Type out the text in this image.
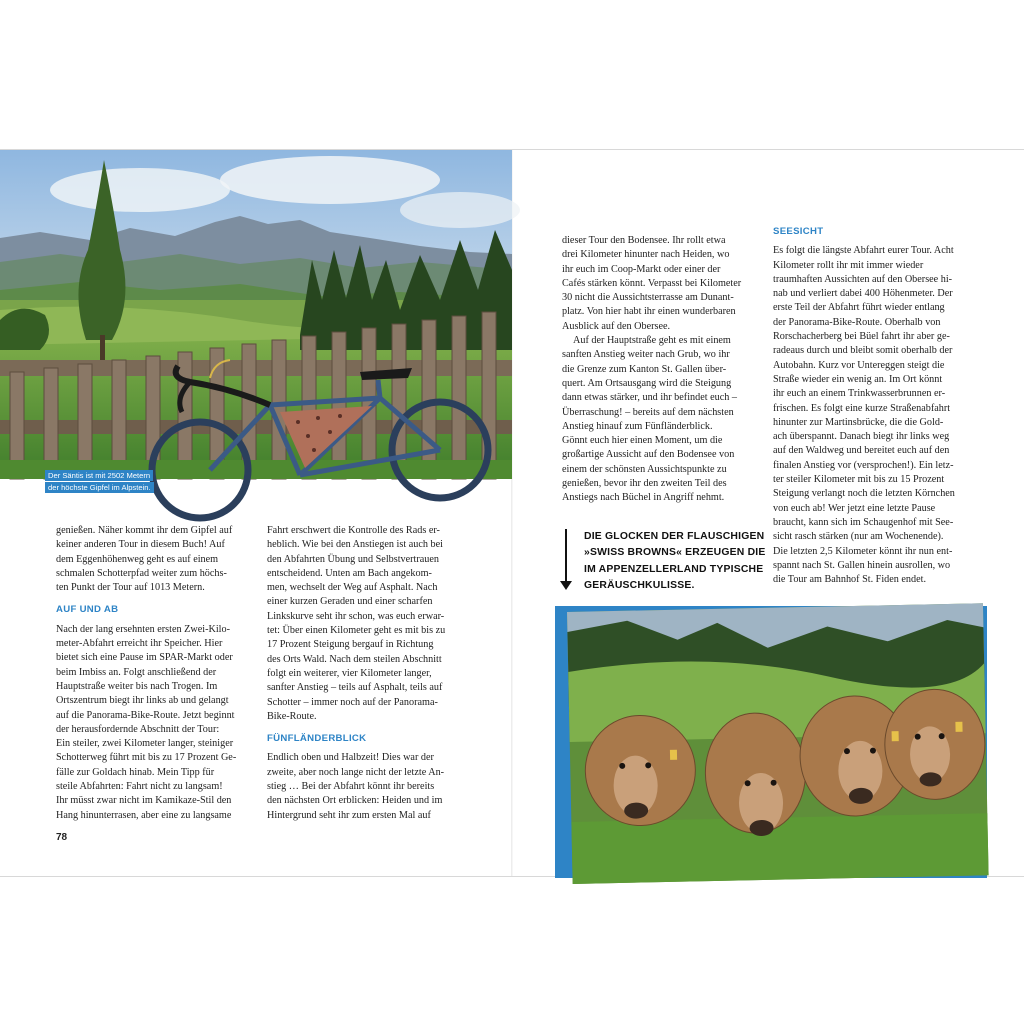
Der Säntis ist mit 2502 Metern
der höchste Gipfel im Alpstein.

genießen. Näher kommt ihr dem Gipfel auf

keiner anderen Tour in diesem Buch! Auf

dem Eggenhöhenweg geht es auf einem

schmalen Schotterpfad weiter zum höchs-

ten Punkt der Tour auf 1013 Metern.

AUF UND AB

Nach der lang ersehnten ersten Zwei-Kilo-

meter-Abfahrt erreicht ihr Speicher. Hier

bietet sich eine Pause im SPAR-Markt oder

beim Imbiss an. Folgt anschließend der

Hauptstraße weiter bis nach Trogen. Im

Ortszentrum biegt ihr links ab und gelangt

auf die Panorama-Bike-Route. Jetzt beginnt

der herausfordernde Abschnitt der Tour:

Ein steiler, zwei Kilometer langer, steiniger

Schotterweg führt mit bis zu 17 Prozent Ge-

fälle zur Goldach hinab. Mein Tipp für

steile Abfahrten: Fahrt nicht zu langsam!

Ihr müsst zwar nicht im Kamikaze-Stil den

Hang hinunterrasen, aber eine zu langsame

78

Fahrt erschwert die Kontrolle des Rads er-

heblich. Wie bei den Anstiegen ist auch bei

den Abfahrten Übung und Selbstvertrauen

entscheidend. Unten am Bach angekom-

men, wechselt der Weg auf Asphalt. Nach

einer kurzen Geraden und einer scharfen

Linkskurve seht ihr schon, was euch erwar-

tet: Über einen Kilometer geht es mit bis zu

17 Prozent Steigung bergauf in Richtung

des Orts Wald. Nach dem steilen Abschnitt

folgt ein weiterer, vier Kilometer langer,

sanfter Anstieg – teils auf Asphalt, teils auf

Schotter – immer noch auf der Panorama-

Bike-Route.

FÜNFLÄNDERBLICK

Endlich oben und Halbzeit! Dies war der

zweite, aber noch lange nicht der letzte An-

stieg … Bei der Abfahrt könnt ihr bereits

den nächsten Ort erblicken: Heiden und im

Hintergrund seht ihr zum ersten Mal auf

dieser Tour den Bodensee. Ihr rollt etwa

drei Kilometer hinunter nach Heiden, wo

ihr euch im Coop-Markt oder einer der

Cafés stärken könnt. Verpasst bei Kilometer

30 nicht die Aussichtsterrasse am Dunant-

platz. Von hier habt ihr einen wunderbaren

Ausblick auf den Obersee.

Auf der Hauptstraße geht es mit einem

sanften Anstieg weiter nach Grub, wo ihr

die Grenze zum Kanton St. Gallen über-

quert. Am Ortsausgang wird die Steigung

dann etwas stärker, und ihr befindet euch –

Überraschung! – bereits auf dem nächsten

Anstieg hinauf zum Fünfländerblick.

Gönnt euch hier einen Moment, um die

großartige Aussicht auf den Bodensee von

einem der schönsten Aussichtspunkte zu

genießen, bevor ihr den zweiten Teil des

Anstiegs nach Büchel in Angriff nehmt.

DIE GLOCKEN DER FLAUSCHIGEN
»SWISS BROWNS« ERZEUGEN DIE
IM APPENZELLERLAND TYPISCHE
GERÄUSCHKULISSE.
SEESICHT

Es folgt die längste Abfahrt eurer Tour. Acht

Kilometer rollt ihr mit immer wieder

traumhaften Aussichten auf den Obersee hi-

nab und verliert dabei 400 Höhenmeter. Der

erste Teil der Abfahrt führt wieder entlang

der Panorama-Bike-Route. Oberhalb von

Rorschacherberg bei Büel fahrt ihr aber ge-

radeaus durch und bleibt somit oberhalb der

Autobahn. Kurz vor Untereggen steigt die

Straße wieder ein wenig an. Im Ort könnt

ihr euch an einem Trinkwasserbrunnen er-

frischen. Es folgt eine kurze Straßenabfahrt

hinunter zur Martinsbrücke, die die Gold-

ach überspannt. Danach biegt ihr links weg

auf den Waldweg und bereitet euch auf den

finalen Anstieg vor (versprochen!). Ein letz-

ter steiler Kilometer mit bis zu 15 Prozent

Steigung verlangt noch die letzten Körnchen

von euch ab! Wer jetzt eine letzte Pause

braucht, kann sich im Schaugenhof mit See-

sicht rasch stärken (nur am Wochenende).

Die letzten 2,5 Kilometer könnt ihr nun ent-

spannt nach St. Gallen hinein ausrollen, wo

die Tour am Bahnhof St. Fiden endet.
